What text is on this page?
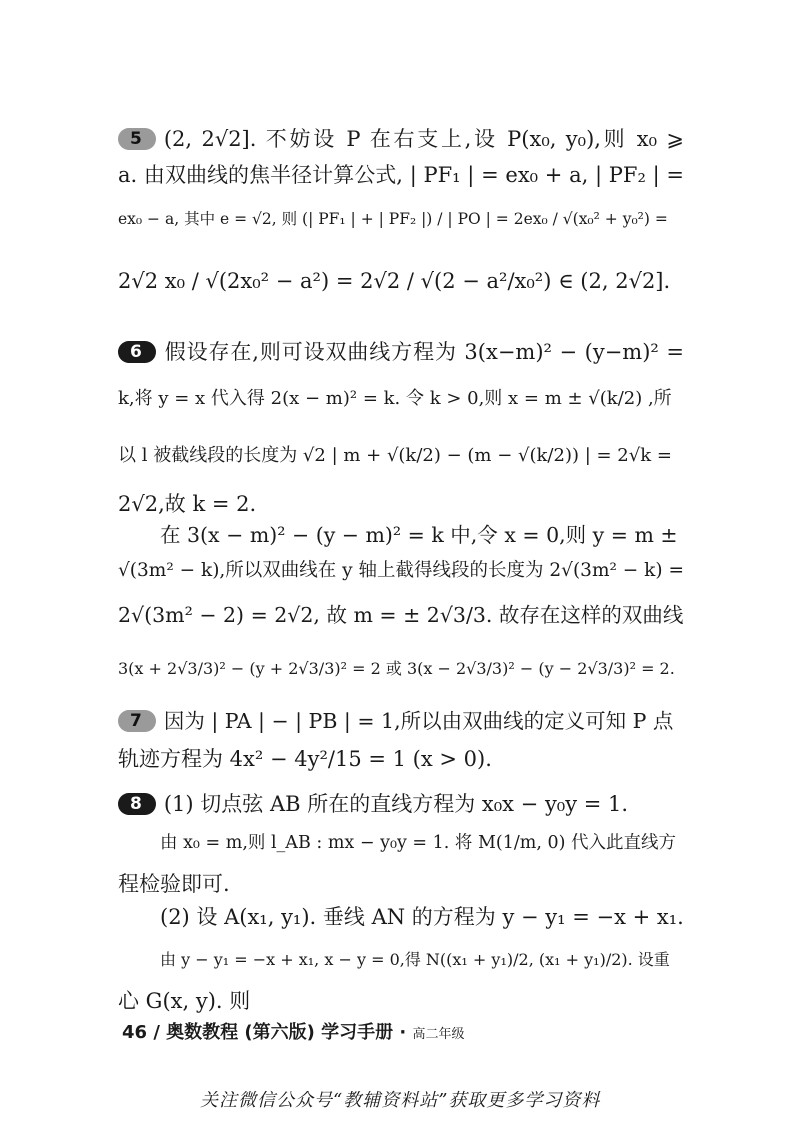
5 (2, 2√2]. 不妨设 P 在右支上,设 P(x₀, y₀),则 x₀ ⩾
a. 由双曲线的焦半径计算公式, | PF₁ | = ex₀ + a, | PF₂ | =
ex₀ − a, 其中 e = √2, 则 (| PF₁ | + | PF₂ |) / | PO | = 2ex₀ / √(x₀² + y₀²) =
2√2 x₀ / √(2x₀² − a²) = 2√2 / √(2 − a²/x₀²) ∈ (2, 2√2].
6 假设存在,则可设双曲线方程为 3(x−m)² − (y−m)² =
k,将 y = x 代入得 2(x − m)² = k. 令 k > 0,则 x = m ± √(k/2) ,所
以 l 被截线段的长度为 √2 | m + √(k/2) − (m − √(k/2)) | = 2√k =
2√2,故 k = 2.
在 3(x − m)² − (y − m)² = k 中,令 x = 0,则 y = m ±
√(3m² − k),所以双曲线在 y 轴上截得线段的长度为 2√(3m² − k) =
2√(3m² − 2) = 2√2, 故 m = ± 2√3/3. 故存在这样的双曲线
3(x + 2√3/3)² − (y + 2√3/3)² = 2 或 3(x − 2√3/3)² − (y − 2√3/3)² = 2.
7 因为 | PA | − | PB | = 1,所以由双曲线的定义可知 P 点
轨迹方程为 4x² − 4y²/15 = 1 (x > 0).
8 (1) 切点弦 AB 所在的直线方程为 x₀x − y₀y = 1.
由 x₀ = m,则 l_AB : mx − y₀y = 1. 将 M(1/m, 0) 代入此直线方
程检验即可.
(2) 设 A(x₁, y₁). 垂线 AN 的方程为 y − y₁ = −x + x₁.
由 y − y₁ = −x + x₁, x − y = 0,得 N((x₁ + y₁)/2, (x₁ + y₁)/2). 设重
心 G(x, y). 则
46 / 奥数教程 (第六版) 学习手册 · 高二年级
关注微信公众号“教辅资料站”获取更多学习资料
